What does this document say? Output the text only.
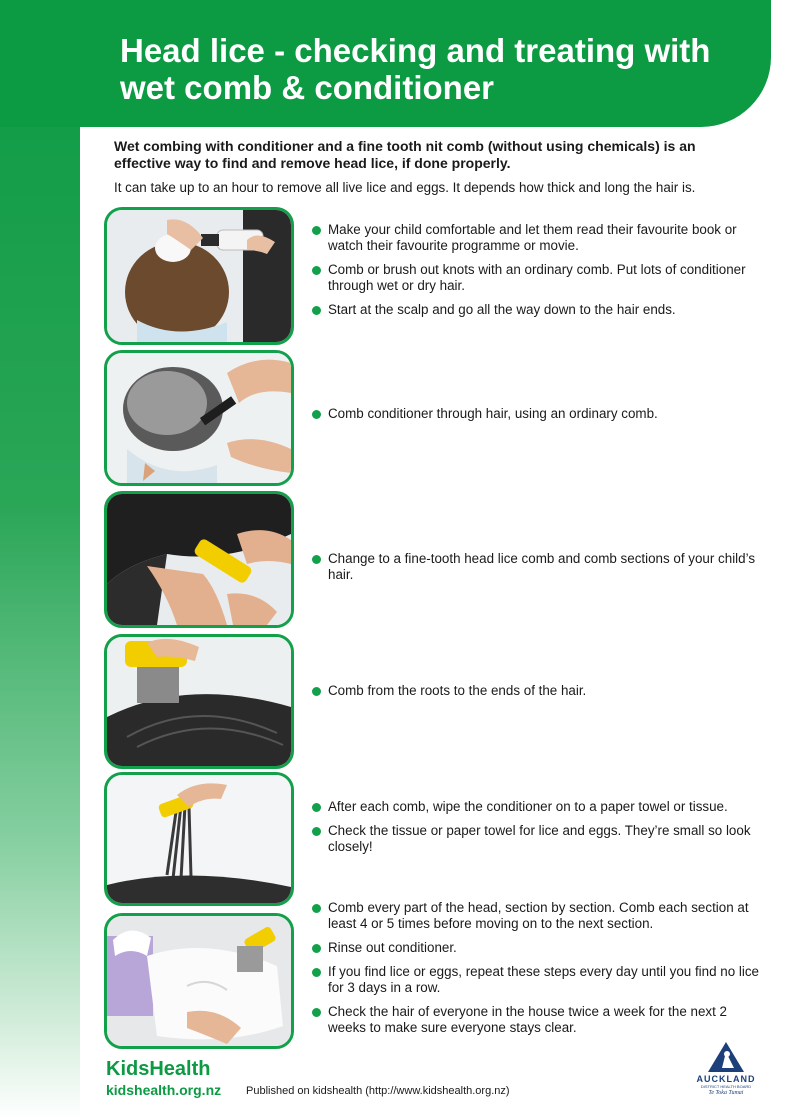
Head lice - checking and treating with wet comb & conditioner

Wet combing with conditioner and a fine tooth nit comb (without using chemicals) is an effective way to find and remove head lice, if done properly.

It can take up to an hour to remove all live lice and eggs. It depends how thick and long the hair is.

Make your child comfortable and let them read their favourite book or watch their favourite programme or movie.
Comb or brush out knots with an ordinary comb. Put lots of conditioner through wet or dry hair.
Start at the scalp and go all the way down to the hair ends.
Comb conditioner through hair, using an ordinary comb.
Change to a fine-tooth head lice comb and comb sections of your child’s hair.
Comb from the roots to the ends of the hair.
After each comb, wipe the conditioner on to a paper towel or tissue.
Check the tissue or paper towel for lice and eggs. They’re small so look closely!
Comb every part of the head, section by section. Comb each section at least 4 or 5 times before moving on to the next section.
Rinse out conditioner.
If you find lice or eggs, repeat these steps every day until you find no lice for 3 days in a row.
Check the hair of everyone in the house twice a week for the next 2 weeks to make sure everyone stays clear.
KidsHealth
kidshealth.org.nz Published on kidshealth (http://www.kidshealth.org.nz)
AUCKLAND
DISTRICT HEALTH BOARD
Te Toka Tumai
